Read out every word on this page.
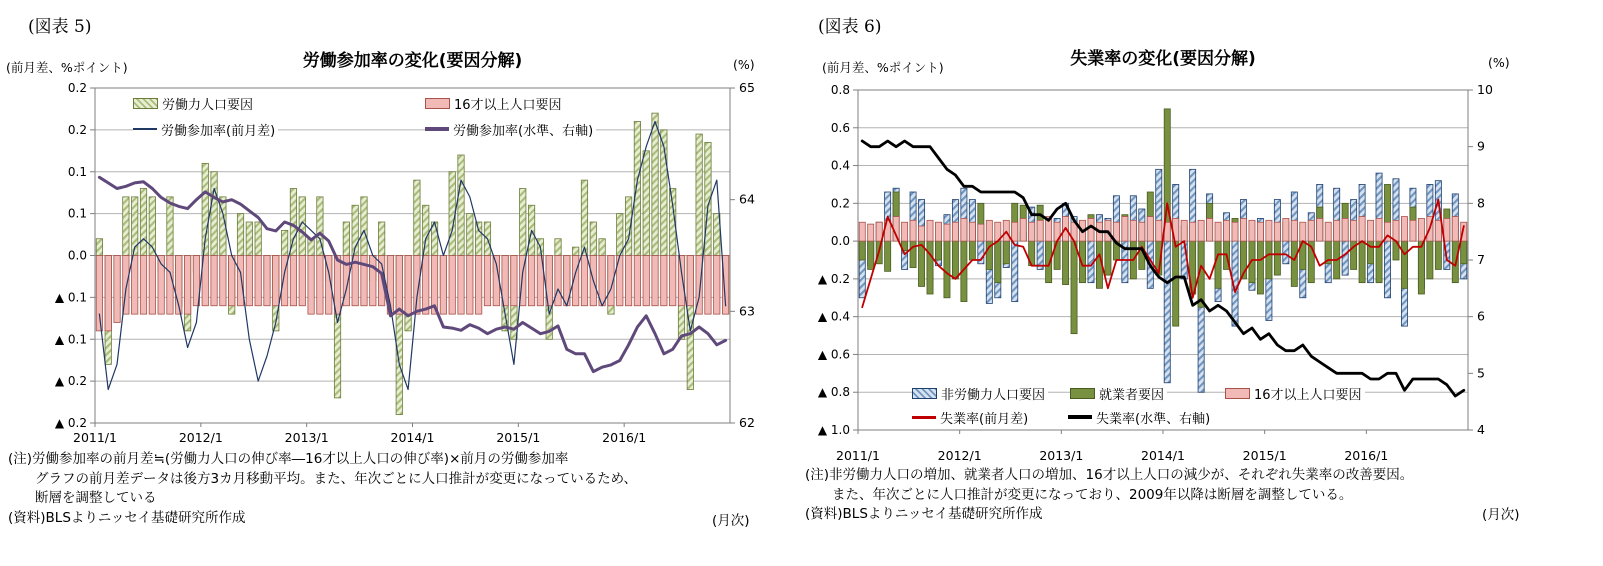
0.2
0.2
0.1
0.1
0.0
▲ 0.1
▲ 0.1
▲ 0.2
▲ 0.2
65
64
63
62
2011/1	2012/1	2013/1	2014/1	2015/1	2016/1
(図表 5)
(前月差、%ポイント)	労働参加率の変化(要因分解)	(%)
労働力人口要因	16才以上人口要因
労働参加率(前月差)	労働参加率(水準、右軸)
(注)労働参加率の前月差≒(労働力人口の伸び率―16才以上人口の伸び率)×前月の労働参加率
　　グラフの前月差データは後方3カ月移動平均。また、年次ごとに人口推計が変更になっているため、
　　断層を調整している
(資料)BLSよりニッセイ基礎研究所作成	(月次)
0.8
0.6
0.4
0.2
0.0
▲ 0.2
▲ 0.4
▲ 0.6
▲ 0.8
▲ 1.0
10
9
8
7
6
5
4
2011/1	2012/1	2013/1	2014/1	2015/1	2016/1
(図表 6)
(前月差、%ポイント)	失業率の変化(要因分解)	(%)
非労働力人口要因	就業者要因	16才以上人口要因
失業率(前月差)	失業率(水準、右軸)
(注)非労働力人口の増加、就業者人口の増加、16才以上人口の減少が、それぞれ失業率の改善要因。
　　また、年次ごとに人口推計が変更になっており、2009年以降は断層を調整している。
(資料)BLSよりニッセイ基礎研究所作成	(月次)
